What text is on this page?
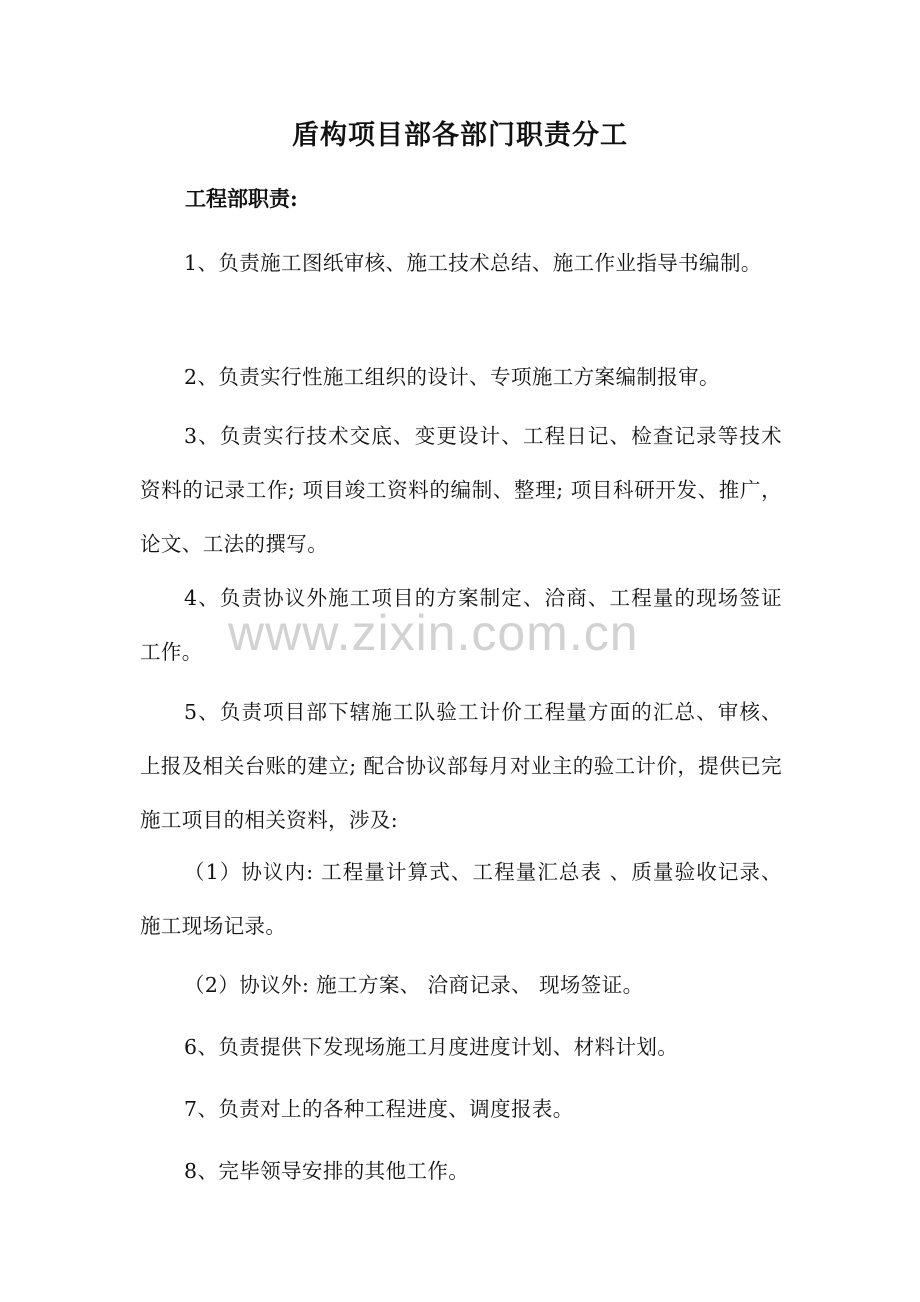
盾构项目部各部门职责分工
工程部职责:

1、负责施工图纸审核、施工技术总结、施工作业指导书编制。

2、负责实行性施工组织的设计、专项施工方案编制报审。

3、负责实行技术交底、变更设计、工程日记、检查记录等技术资料的记录工作; 项目竣工资料的编制、整理; 项目科研开发、推广，论文、工法的撰写。

4、负责协议外施工项目的方案制定、洽商、工程量的现场签证工作。

5、负责项目部下辖施工队验工计价工程量方面的汇总、审核、上报及相关台账的建立; 配合协议部每月对业主的验工计价，提供已完施工项目的相关资料，涉及:

（1）协议内: 工程量计算式、工程量汇总表 、质量验收记录、 施工现场记录。

（2）协议外: 施工方案、 洽商记录、 现场签证。

6、负责提供下发现场施工月度进度计划、材料计划。

7、负责对上的各种工程进度、调度报表。

8、完毕领导安排的其他工作。

www.zixin.com.cn
